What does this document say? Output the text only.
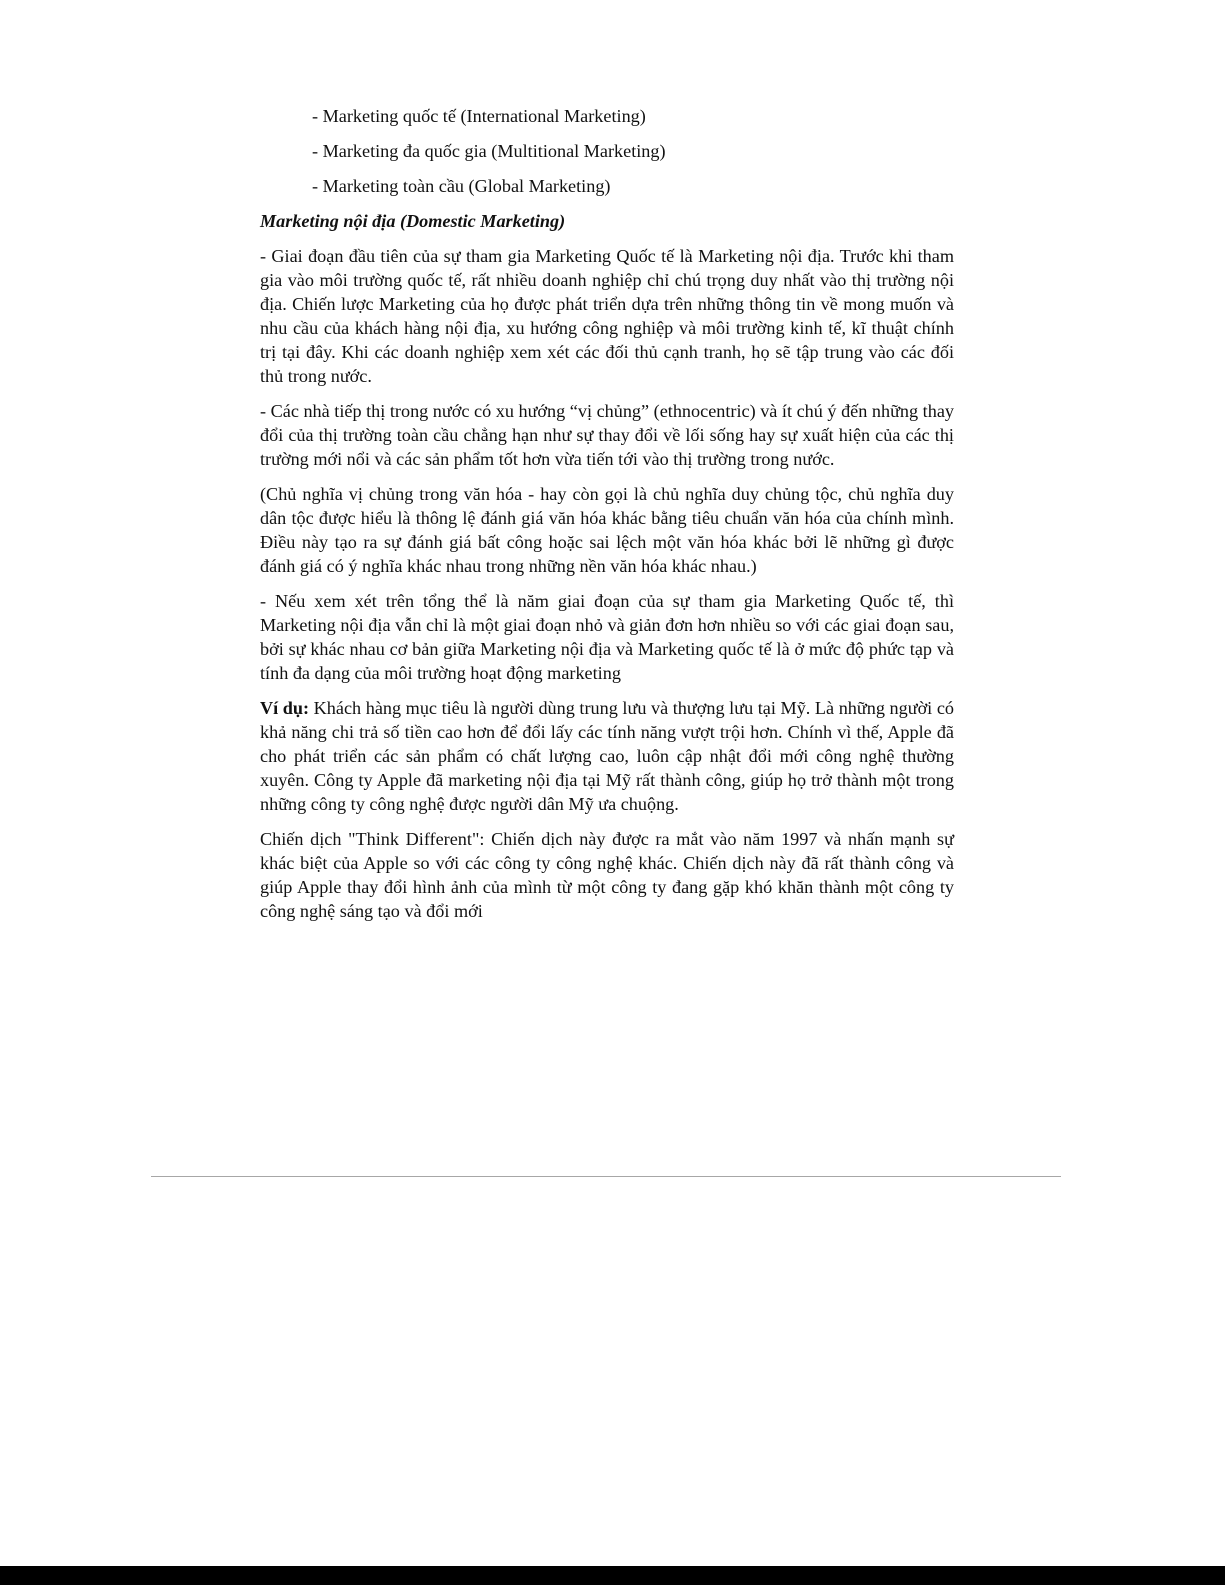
- Marketing quốc tế (International Marketing)
- Marketing đa quốc gia (Multitional Marketing)
- Marketing toàn cầu (Global Marketing)
Marketing nội địa (Domestic Marketing)

- Giai đoạn đầu tiên của sự tham gia Marketing Quốc tế là Marketing nội địa. Trước khi tham gia vào môi trường quốc tế, rất nhiều doanh nghiệp chỉ chú trọng duy nhất vào thị trường nội địa. Chiến lược Marketing của họ được phát triển dựa trên những thông tin về mong muốn và nhu cầu của khách hàng nội địa, xu hướng công nghiệp và môi trường kinh tế, kĩ thuật chính trị tại đây. Khi các doanh nghiệp xem xét các đối thủ cạnh tranh, họ sẽ tập trung vào các đối thủ trong nước.

- Các nhà tiếp thị trong nước có xu hướng “vị chủng” (ethnocentric) và ít chú ý đến những thay đổi của thị trường toàn cầu chẳng hạn như sự thay đổi về lối sống hay sự xuất hiện của các thị trường mới nổi và các sản phẩm tốt hơn vừa tiến tới vào thị trường trong nước.

(Chủ nghĩa vị chủng trong văn hóa - hay còn gọi là chủ nghĩa duy chủng tộc, chủ nghĩa duy dân tộc được hiểu là thông lệ đánh giá văn hóa khác bằng tiêu chuẩn văn hóa của chính mình. Điều này tạo ra sự đánh giá bất công hoặc sai lệch một văn hóa khác bởi lẽ những gì được đánh giá có ý nghĩa khác nhau trong những nền văn hóa khác nhau.)

- Nếu xem xét trên tổng thể là năm giai đoạn của sự tham gia Marketing Quốc tế, thì Marketing nội địa vẫn chỉ là một giai đoạn nhỏ và giản đơn hơn nhiều so với các giai đoạn sau, bởi sự khác nhau cơ bản giữa Marketing nội địa và Marketing quốc tế là ở mức độ phức tạp và tính đa dạng của môi trường hoạt động marketing

Ví dụ: Khách hàng mục tiêu là người dùng trung lưu và thượng lưu tại Mỹ. Là những người có khả năng chi trả số tiền cao hơn để đổi lấy các tính năng vượt trội hơn. Chính vì thế, Apple đã cho phát triển các sản phẩm có chất lượng cao, luôn cập nhật đổi mới công nghệ thường xuyên. Công ty Apple đã marketing nội địa tại Mỹ rất thành công, giúp họ trở thành một trong những công ty công nghệ được người dân Mỹ ưa chuộng.

Chiến dịch "Think Different": Chiến dịch này được ra mắt vào năm 1997 và nhấn mạnh sự khác biệt của Apple so với các công ty công nghệ khác. Chiến dịch này đã rất thành công và giúp Apple thay đổi hình ảnh của mình từ một công ty đang gặp khó khăn thành một công ty công nghệ sáng tạo và đổi mới
